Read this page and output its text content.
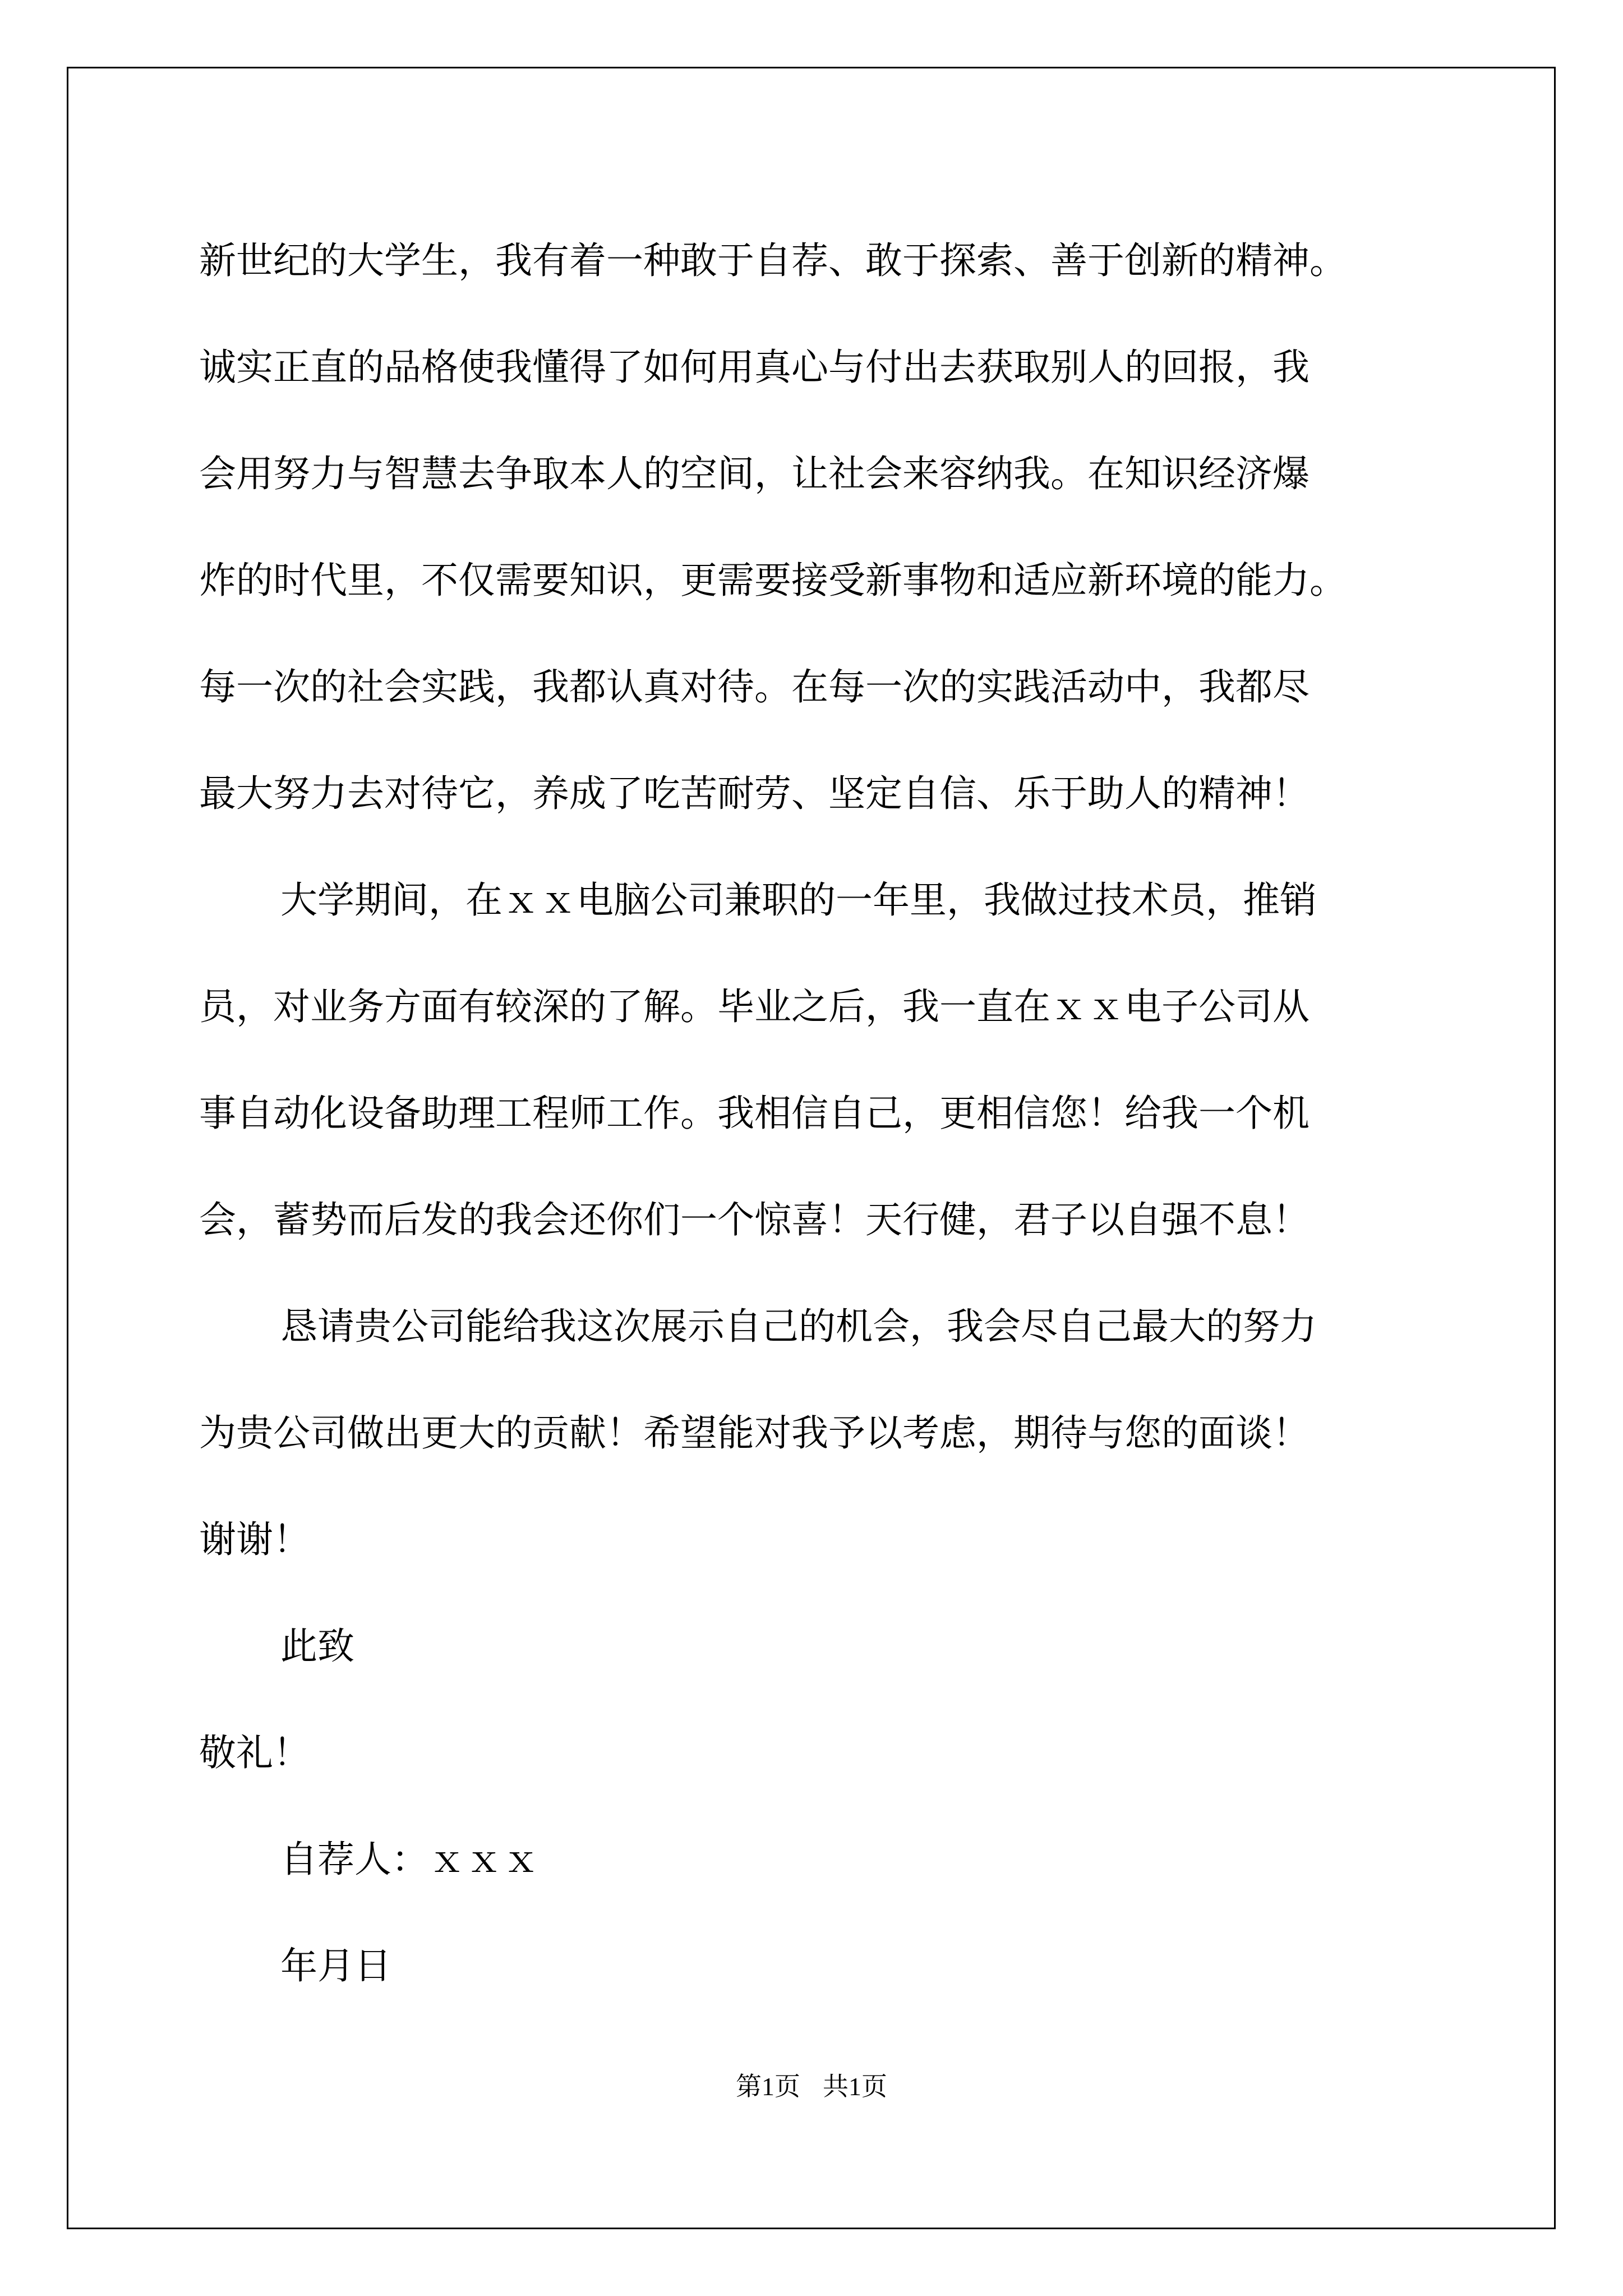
新世纪的大学生，我有着一种敢于自荐、敢于探索、善于创新的精神。

诚实正直的品格使我懂得了如何用真心与付出去获取别人的回报，我

会用努力与智慧去争取本人的空间，让社会来容纳我。在知识经济爆

炸的时代里，不仅需要知识，更需要接受新事物和适应新环境的能力。

每一次的社会实践，我都认真对待。在每一次的实践活动中，我都尽

最大努力去对待它，养成了吃苦耐劳、坚定自信、乐于助人的精神！

大学期间，在ｘｘ电脑公司兼职的一年里，我做过技术员，推销

员，对业务方面有较深的了解。毕业之后，我一直在ｘｘ电子公司从

事自动化设备助理工程师工作。我相信自己，更相信您！给我一个机

会，蓄势而后发的我会还你们一个惊喜！天行健，君子以自强不息！

恳请贵公司能给我这次展示自己的机会，我会尽自己最大的努力

为贵公司做出更大的贡献！希望能对我予以考虑，期待与您的面谈！

谢谢！

此致

敬礼！

自荐人：ｘｘｘ

年月日

第1页 共1页
